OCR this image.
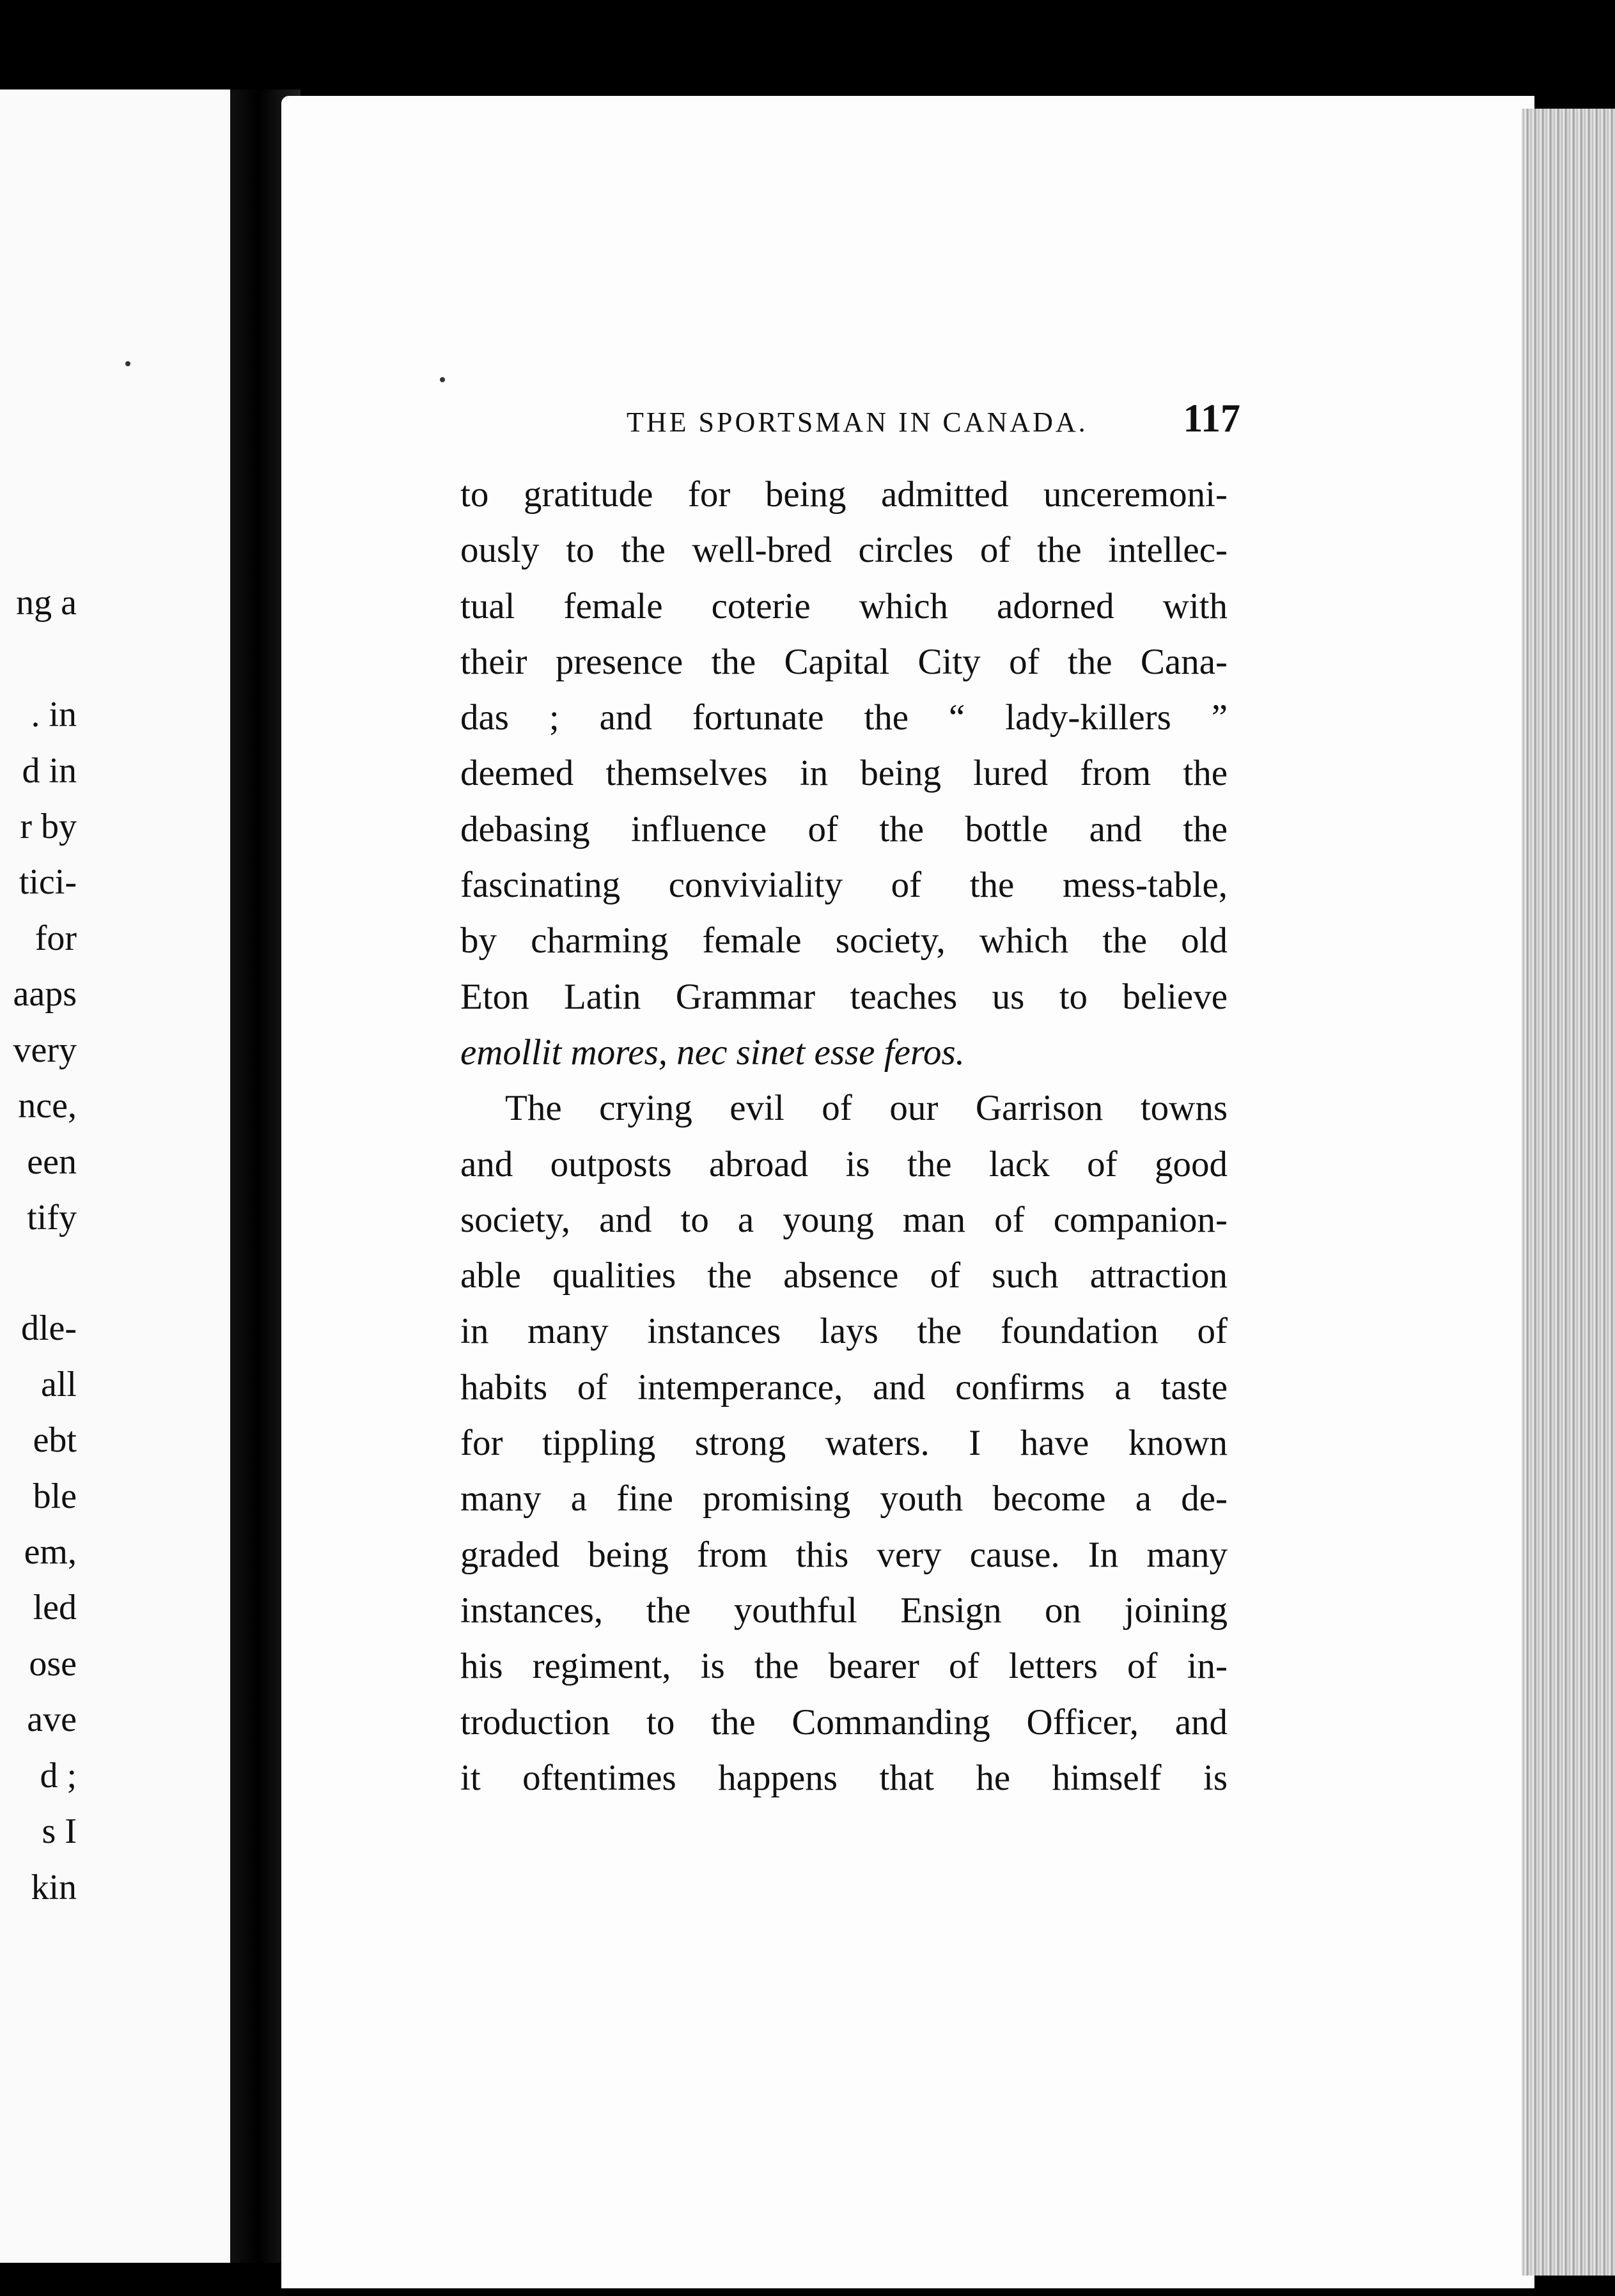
ng a
. in
d in
r by
tici-
for
aaps
very
nce,
een
tify
dle-
all
ebt
ble
em,
led
ose
ave
d ;
s I
kin
THE SPORTSMAN IN CANADA. 117
to gratitude for being admitted unceremoni-
ously to the well-bred circles of the intellec-
tual female coterie which adorned with
their presence the Capital City of the Cana-
das ; and fortunate the “ lady-killers ”
deemed themselves in being lured from the
debasing influence of the bottle and the
fascinating conviviality of the mess-table,
by charming female society, which the old
Eton Latin Grammar teaches us to believe
emollit mores, nec sinet esse feros.
The crying evil of our Garrison towns
and outposts abroad is the lack of good
society, and to a young man of companion-
able qualities the absence of such attraction
in many instances lays the foundation of
habits of intemperance, and confirms a taste
for tippling strong waters. I have known
many a fine promising youth become a de-
graded being from this very cause. In many
instances, the youthful Ensign on joining
his regiment, is the bearer of letters of in-
troduction to the Commanding Officer, and
it oftentimes happens that he himself is
